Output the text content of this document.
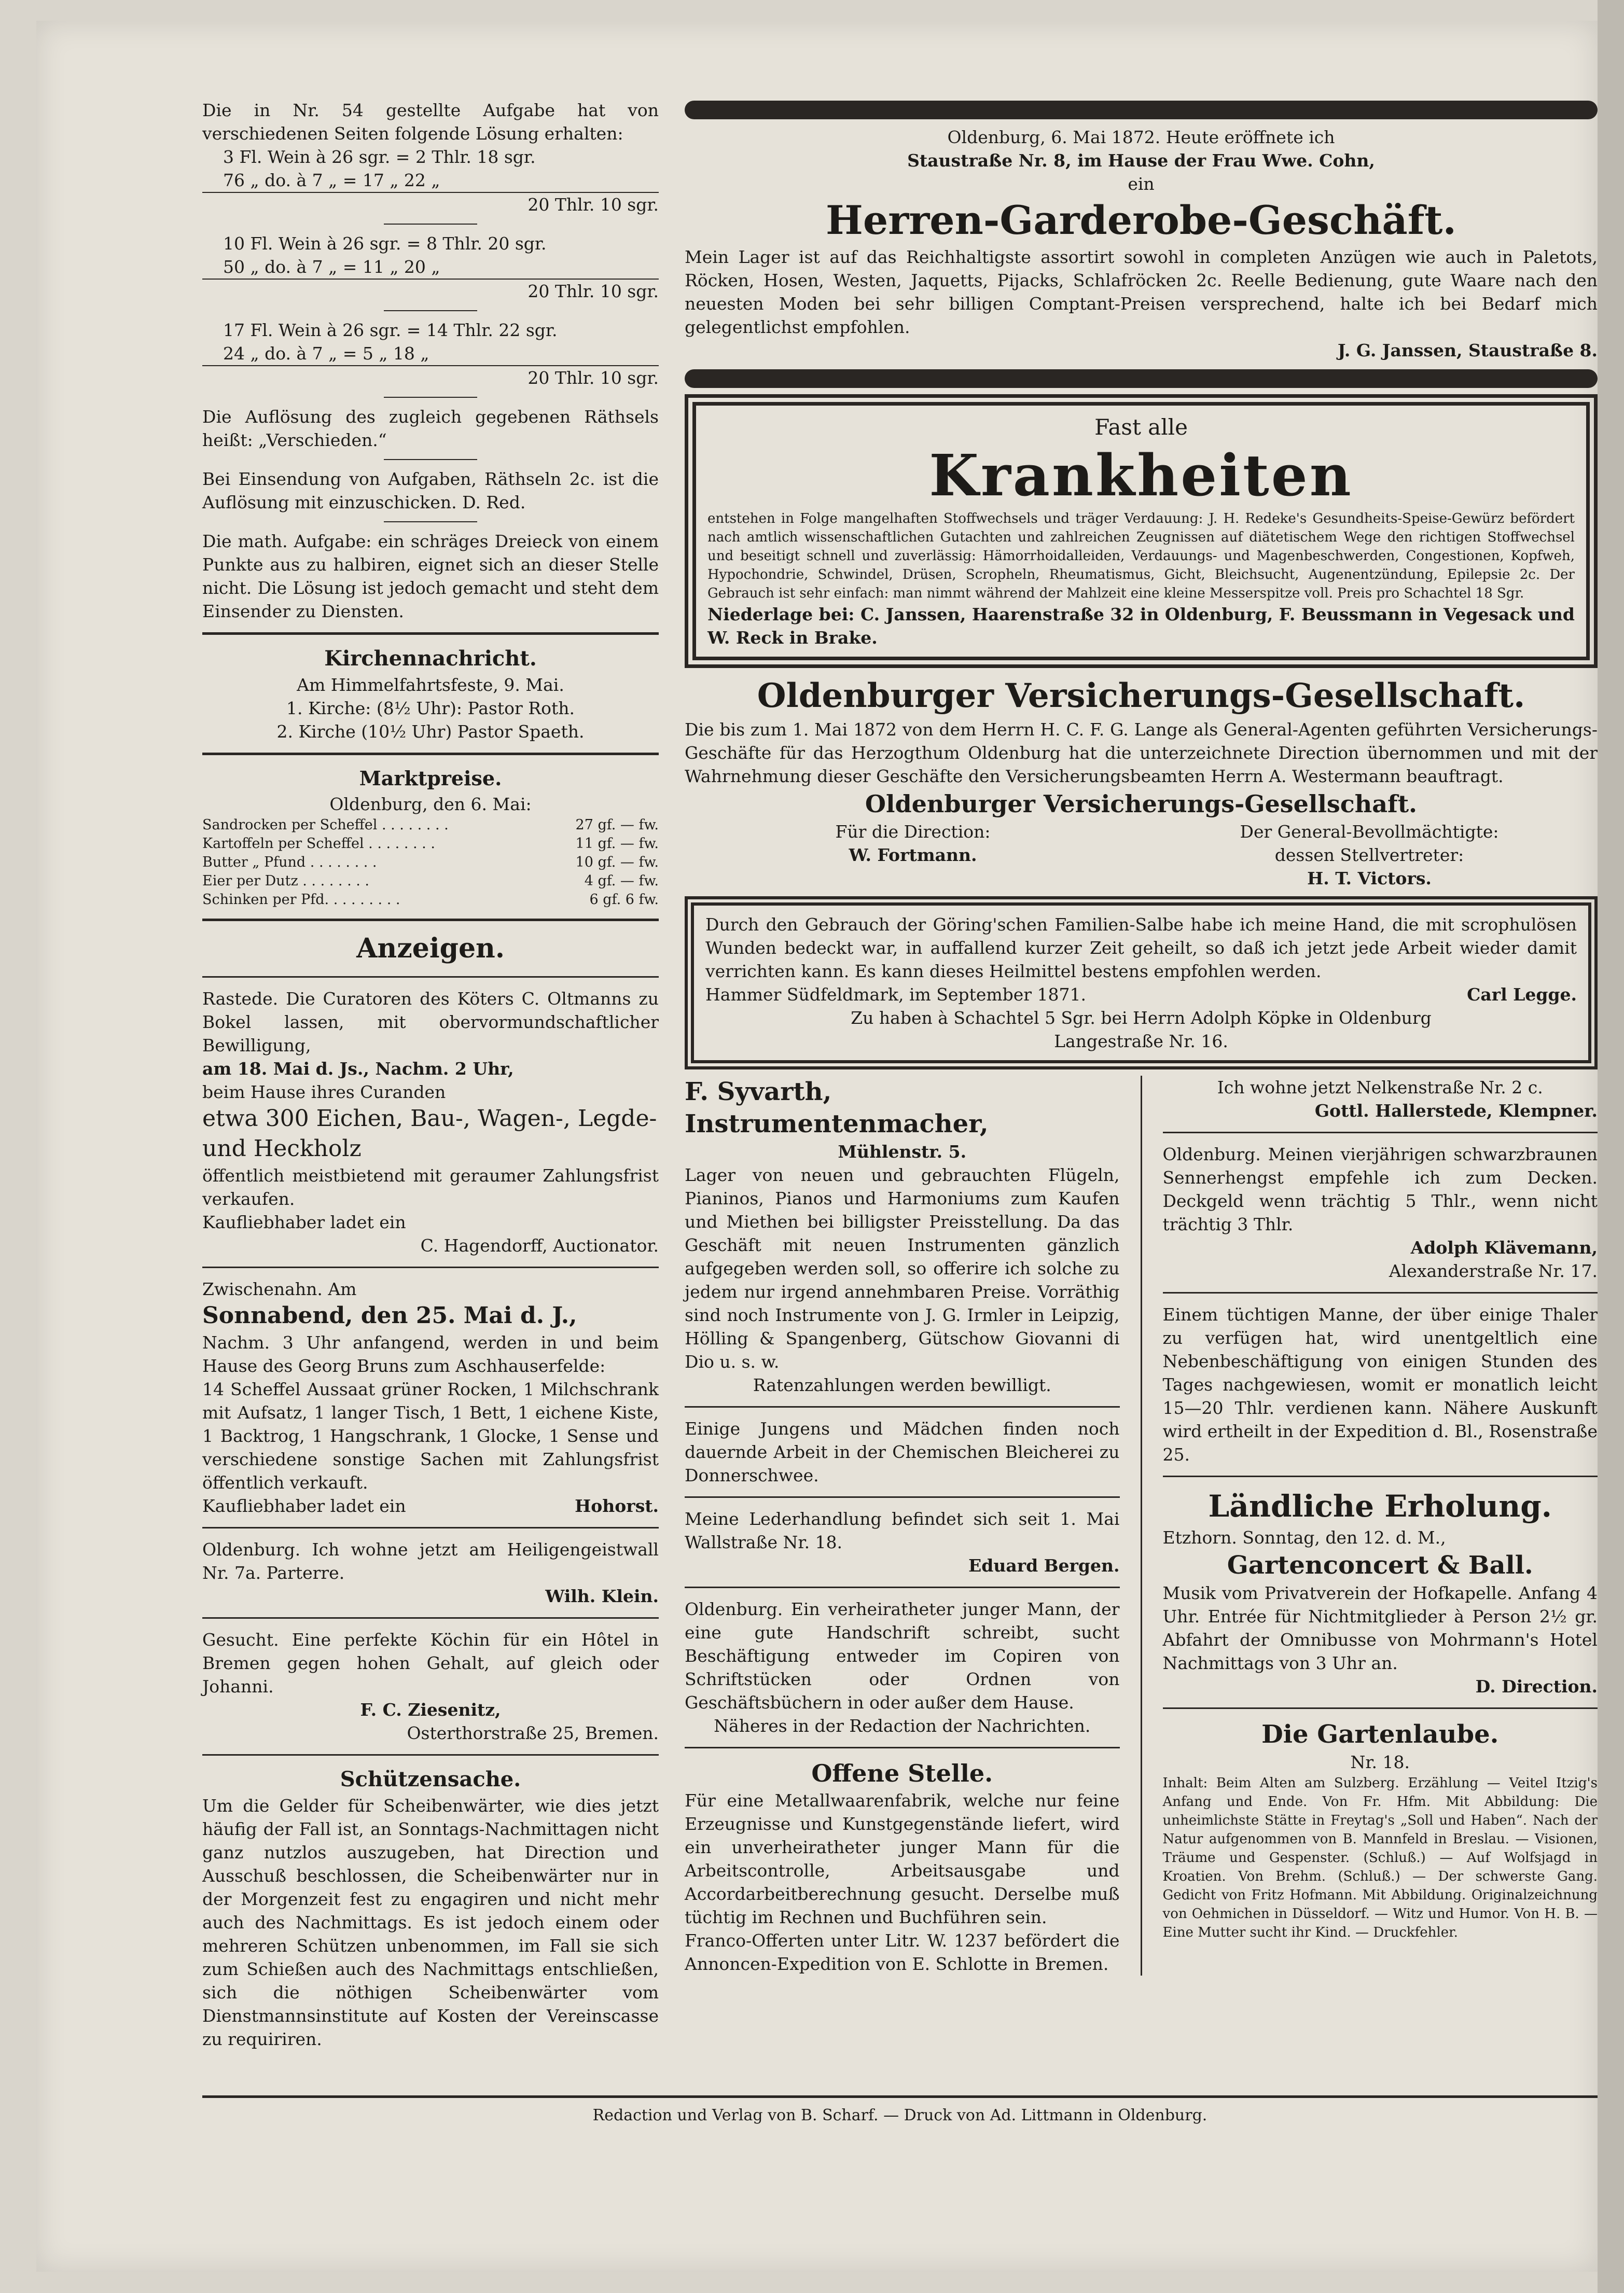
Die in Nr. 54 gestellte Aufgabe hat von verschiedenen Seiten folgende Lösung erhalten:
3 Fl. Wein à 26 sgr. = 2 Thlr. 18 sgr.
76 „ do. à 7 „ = 17 „ 22 „
20 Thlr. 10 sgr.
10 Fl. Wein à 26 sgr. = 8 Thlr. 20 sgr.
50 „ do. à 7 „ = 11 „ 20 „
20 Thlr. 10 sgr.
17 Fl. Wein à 26 sgr. = 14 Thlr. 22 sgr.
24 „ do. à 7 „ = 5 „ 18 „
20 Thlr. 10 sgr.
Die Auflösung des zugleich gegebenen Räthsels heißt: „Verschieden.“
Bei Einsendung von Aufgaben, Räthseln 2c. ist die Auflösung mit einzuschicken. D. Red.
Die math. Aufgabe: ein schräges Dreieck von einem Punkte aus zu halbiren, eignet sich an dieser Stelle nicht. Die Lösung ist jedoch gemacht und steht dem Einsender zu Diensten.
Kirchennachricht.
Am Himmelfahrtsfeste, 9. Mai.
1. Kirche: (8½ Uhr): Pastor Roth.
2. Kirche (10½ Uhr) Pastor Spaeth.
Marktpreise.
Oldenburg, den 6. Mai:
Sandrocken per Scheffel . . . . . . . .	27 gf. — fw.
Kartoffeln per Scheffel . . . . . . . .	11 gf. — fw.
Butter „ Pfund . . . . . . . .	10 gf. — fw.
Eier per Dutz . . . . . . . .	4 gf. — fw.
Schinken per Pfd. . . . . . . . .	6 gf. 6 fw.
Anzeigen.
Rastede. Die Curatoren des Köters C. Oltmanns zu Bokel lassen, mit obervormundschaftlicher Bewilligung,
am 18. Mai d. Js., Nachm. 2 Uhr,
beim Hause ihres Curanden
etwa 300 Eichen, Bau-, Wagen-, Legde- und Heckholz
öffentlich meistbietend mit geraumer Zahlungsfrist verkaufen.
Kaufliebhaber ladet ein
C. Hagendorff, Auctionator.
Zwischenahn. Am
Sonnabend, den 25. Mai d. J.,
Nachm. 3 Uhr anfangend, werden in und beim Hause des Georg Bruns zum Aschhauserfelde:
14 Scheffel Aussaat grüner Rocken, 1 Milchschrank mit Aufsatz, 1 langer Tisch, 1 Bett, 1 eichene Kiste, 1 Backtrog, 1 Hangschrank, 1 Glocke, 1 Sense und verschiedene sonstige Sachen mit Zahlungsfrist öffentlich verkauft.
Kaufliebhaber ladet ein	Hohorst.
Oldenburg. Ich wohne jetzt am Heiligengeistwall Nr. 7a. Parterre.
Wilh. Klein.
Gesucht. Eine perfekte Köchin für ein Hôtel in Bremen gegen hohen Gehalt, auf gleich oder Johanni.
F. C. Ziesenitz,
Osterthorstraße 25, Bremen.
Schützensache.
Um die Gelder für Scheibenwärter, wie dies jetzt häufig der Fall ist, an Sonntags-Nachmittagen nicht ganz nutzlos auszugeben, hat Direction und Ausschuß beschlossen, die Scheibenwärter nur in der Morgenzeit fest zu engagiren und nicht mehr auch des Nachmittags. Es ist jedoch einem oder mehreren Schützen unbenommen, im Fall sie sich zum Schießen auch des Nachmittags entschließen, sich die nöthigen Scheibenwärter vom Dienstmannsinstitute auf Kosten der Vereinscasse zu requiriren.
Oldenburg, 6. Mai 1872. Heute eröffnete ich
Staustraße Nr. 8, im Hause der Frau Wwe. Cohn,
ein
Herren-Garderobe-Geschäft.
Mein Lager ist auf das Reichhaltigste assortirt sowohl in completen Anzügen wie auch in Paletots, Röcken, Hosen, Westen, Jaquetts, Pijacks, Schlafröcken 2c. Reelle Bedienung, gute Waare nach den neuesten Moden bei sehr billigen Comptant-Preisen versprechend, halte ich bei Bedarf mich gelegentlichst empfohlen.
J. G. Janssen, Staustraße 8.
Fast alle
Krankheiten
entstehen in Folge mangelhaften Stoffwechsels und träger Verdauung: J. H. Redeke's Gesundheits-Speise-Gewürz befördert nach amtlich wissenschaftlichen Gutachten und zahlreichen Zeugnissen auf diätetischem Wege den richtigen Stoffwechsel und beseitigt schnell und zuverlässig: Hämorrhoidalleiden, Verdauungs- und Magenbeschwerden, Congestionen, Kopfweh, Hypochondrie, Schwindel, Drüsen, Scropheln, Rheumatismus, Gicht, Bleichsucht, Augenentzündung, Epilepsie 2c. Der Gebrauch ist sehr einfach: man nimmt während der Mahlzeit eine kleine Messerspitze voll. Preis pro Schachtel 18 Sgr.
Niederlage bei: C. Janssen, Haarenstraße 32 in Oldenburg, F. Beussmann in Vegesack und W. Reck in Brake.
Oldenburger Versicherungs-Gesellschaft.
Die bis zum 1. Mai 1872 von dem Herrn H. C. F. G. Lange als General-Agenten geführten Versicherungs-Geschäfte für das Herzogthum Oldenburg hat die unterzeichnete Direction übernommen und mit der Wahrnehmung dieser Geschäfte den Versicherungsbeamten Herrn A. Westermann beauftragt.
Oldenburger Versicherungs-Gesellschaft.
Für die Direction:
W. Fortmann.
Der General-Bevollmächtigte:
dessen Stellvertreter:
H. T. Victors.
Durch den Gebrauch der Göring'schen Familien-Salbe habe ich meine Hand, die mit scrophulösen Wunden bedeckt war, in auffallend kurzer Zeit geheilt, so daß ich jetzt jede Arbeit wieder damit verrichten kann. Es kann dieses Heilmittel bestens empfohlen werden.
Hammer Südfeldmark, im September 1871.	Carl Legge.
Zu haben à Schachtel 5 Sgr. bei Herrn Adolph Köpke in Oldenburg
Langestraße Nr. 16.
F. Syvarth, Instrumentenmacher,
Mühlenstr. 5.
Lager von neuen und gebrauchten Flügeln, Pianinos, Pianos und Harmoniums zum Kaufen und Miethen bei billigster Preisstellung. Da das Geschäft mit neuen Instrumenten gänzlich aufgegeben werden soll, so offerire ich solche zu jedem nur irgend annehmbaren Preise. Vorräthig sind noch Instrumente von J. G. Irmler in Leipzig, Hölling & Spangenberg, Gütschow Giovanni di Dio u. s. w.
Ratenzahlungen werden bewilligt.
Einige Jungens und Mädchen finden noch dauernde Arbeit in der Chemischen Bleicherei zu Donnerschwee.
Meine Lederhandlung befindet sich seit 1. Mai Wallstraße Nr. 18.
Eduard Bergen.
Oldenburg. Ein verheiratheter junger Mann, der eine gute Handschrift schreibt, sucht Beschäftigung entweder im Copiren von Schriftstücken oder Ordnen von Geschäftsbüchern in oder außer dem Hause.
Näheres in der Redaction der Nachrichten.
Offene Stelle.
Für eine Metallwaarenfabrik, welche nur feine Erzeugnisse und Kunstgegenstände liefert, wird ein unverheiratheter junger Mann für die Arbeitscontrolle, Arbeitsausgabe und Accordarbeitberechnung gesucht. Derselbe muß tüchtig im Rechnen und Buchführen sein.
Franco-Offerten unter Litr. W. 1237 befördert die Annoncen-Expedition von E. Schlotte in Bremen.
Ich wohne jetzt Nelkenstraße Nr. 2 c.
Gottl. Hallerstede, Klempner.
Oldenburg. Meinen vierjährigen schwarzbraunen Sennerhengst empfehle ich zum Decken. Deckgeld wenn trächtig 5 Thlr., wenn nicht trächtig 3 Thlr.
Adolph Klävemann,
Alexanderstraße Nr. 17.
Einem tüchtigen Manne, der über einige Thaler zu verfügen hat, wird unentgeltlich eine Nebenbeschäftigung von einigen Stunden des Tages nachgewiesen, womit er monatlich leicht 15—20 Thlr. verdienen kann. Nähere Auskunft wird ertheilt in der Expedition d. Bl., Rosenstraße 25.
Ländliche Erholung.
Etzhorn. Sonntag, den 12. d. M.,
Gartenconcert & Ball.
Musik vom Privatverein der Hofkapelle. Anfang 4 Uhr. Entrée für Nichtmitglieder à Person 2½ gr. Abfahrt der Omnibusse von Mohrmann's Hotel Nachmittags von 3 Uhr an.
D. Direction.
Die Gartenlaube.
Nr. 18.
Inhalt: Beim Alten am Sulzberg. Erzählung — Veitel Itzig's Anfang und Ende. Von Fr. Hfm. Mit Abbildung: Die unheimlichste Stätte in Freytag's „Soll und Haben“. Nach der Natur aufgenommen von B. Mannfeld in Breslau. — Visionen, Träume und Gespenster. (Schluß.) — Auf Wolfsjagd in Kroatien. Von Brehm. (Schluß.) — Der schwerste Gang. Gedicht von Fritz Hofmann. Mit Abbildung. Originalzeichnung von Oehmichen in Düsseldorf. — Witz und Humor. Von H. B. — Eine Mutter sucht ihr Kind. — Druckfehler.
Redaction und Verlag von B. Scharf. — Druck von Ad. Littmann in Oldenburg.
